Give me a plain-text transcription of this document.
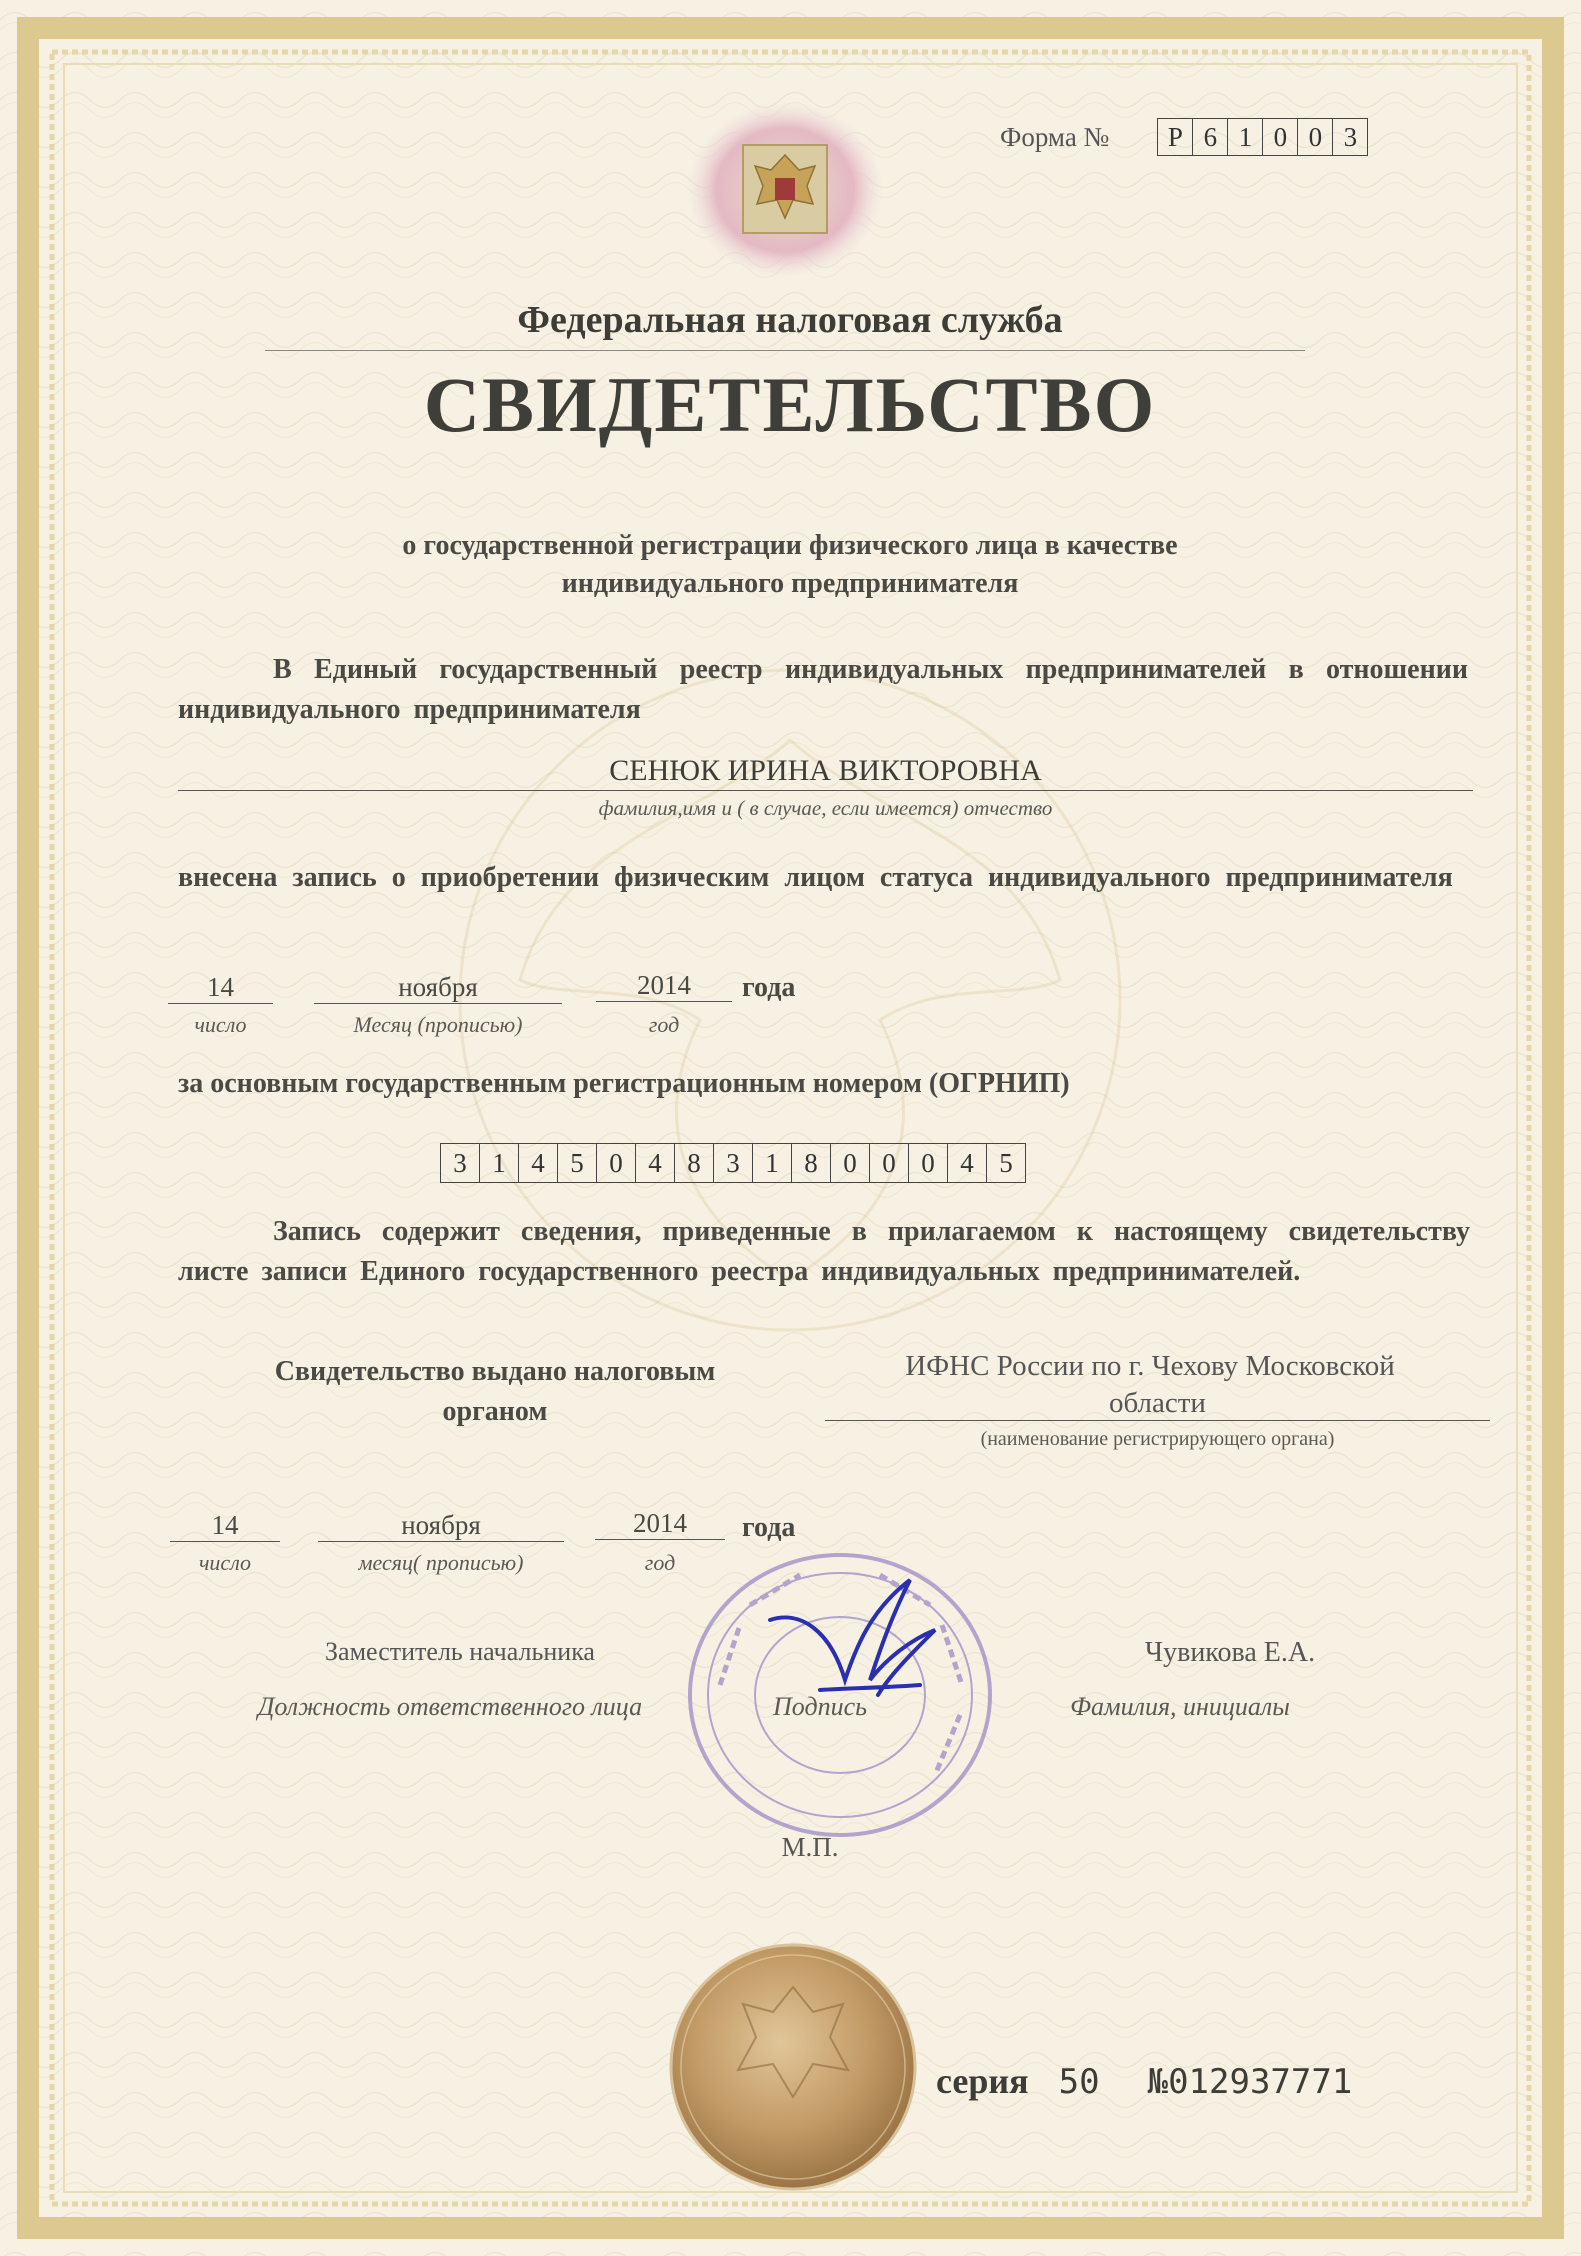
Форма №	Р 6 1 0 0 3
Федеральная налоговая служба
СВИДЕТЕЛЬСТВО
о государственной регистрации физического лица в качестве
индивидуального предпринимателя
В Единый государственный реестр индивидуальных предпринимателей в отношении индивидуального предпринимателя
СЕНЮК ИРИНА ВИКТОРОВНА
фамилия,имя и ( в случае, если имеется) отчество
внесена запись о приобретении физическим лицом статуса индивидуального предпринимателя
14	ноября	2014	года
число	Месяц (прописью)	год
за основным государственным регистрационным номером (ОГРНИП)
3 1 4 5 0 4 8 3 1 8 0 0 0 4 5
Запись содержит сведения, приведенные в прилагаемом к настоящему свидетельству листе записи Единого государственного реестра индивидуальных предпринимателей.
Свидетельство выдано налоговым органом
ИФНС России по г. Чехову Московской
области
(наименование регистрирующего органа)
14	ноября	2014	года
число	месяц( прописью)	год
Заместитель начальника
Должность ответственного лица	Подпись
Чувикова Е.А.
Фамилия, инициалы
М.П.
серия 50 №012937771
